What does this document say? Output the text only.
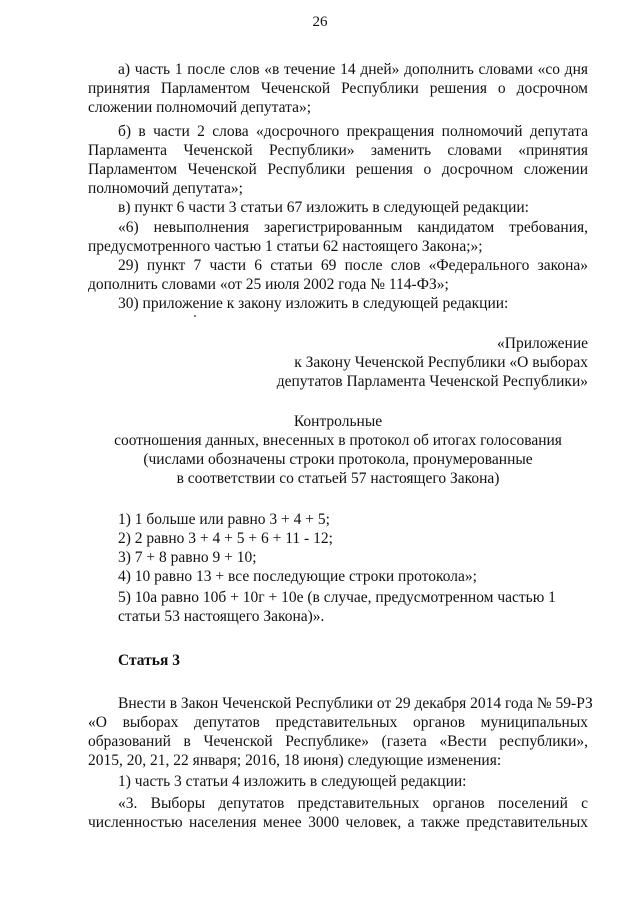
26
а) часть 1 после слов «в течение 14 дней» дополнить словами «со дня
принятия Парламентом Чеченской Республики решения о досрочном
сложении полномочий депутата»;
б) в части 2 слова «досрочного прекращения полномочий депутата
Парламента Чеченской Республики» заменить словами «принятия
Парламентом Чеченской Республики решения о досрочном сложении
полномочий депутата»;
в) пункт 6 части 3 статьи 67 изложить в следующей редакции:
«6) невыполнения зарегистрированным кандидатом требования,
предусмотренного частью 1 статьи 62 настоящего Закона;»;
29) пункт 7 части 6 статьи 69 после слов «Федерального закона»
дополнить словами «от 25 июля 2002 года № 114-ФЗ»;
30) приложение к закону изложить в следующей редакции:
«Приложение
к Закону Чеченской Республики «О выборах
депутатов Парламента Чеченской Республики»
Контрольные
соотношения данных, внесенных в протокол об итогах голосования
(числами обозначены строки протокола, пронумерованные
в соответствии со статьей 57 настоящего Закона)
1) 1 больше или равно 3 + 4 + 5;
2) 2 равно 3 + 4 + 5 + 6 + 11 - 12;
3) 7 + 8 равно 9 + 10;
4) 10 равно 13 + все последующие строки протокола»;
5) 10а равно 10б + 10г + 10е (в случае, предусмотренном частью 1
статьи 53 настоящего Закона)».
Статья 3
Внести в Закон Чеченской Республики от 29 декабря 2014 года № 59-РЗ
«О выборах депутатов представительных органов муниципальных
образований в Чеченской Республике» (газета «Вести республики»,
2015, 20, 21, 22 января; 2016, 18 июня) следующие изменения:
1) часть 3 статьи 4 изложить в следующей редакции:
«3. Выборы депутатов представительных органов поселений с
численностью населения менее 3000 человек, а также представительных
